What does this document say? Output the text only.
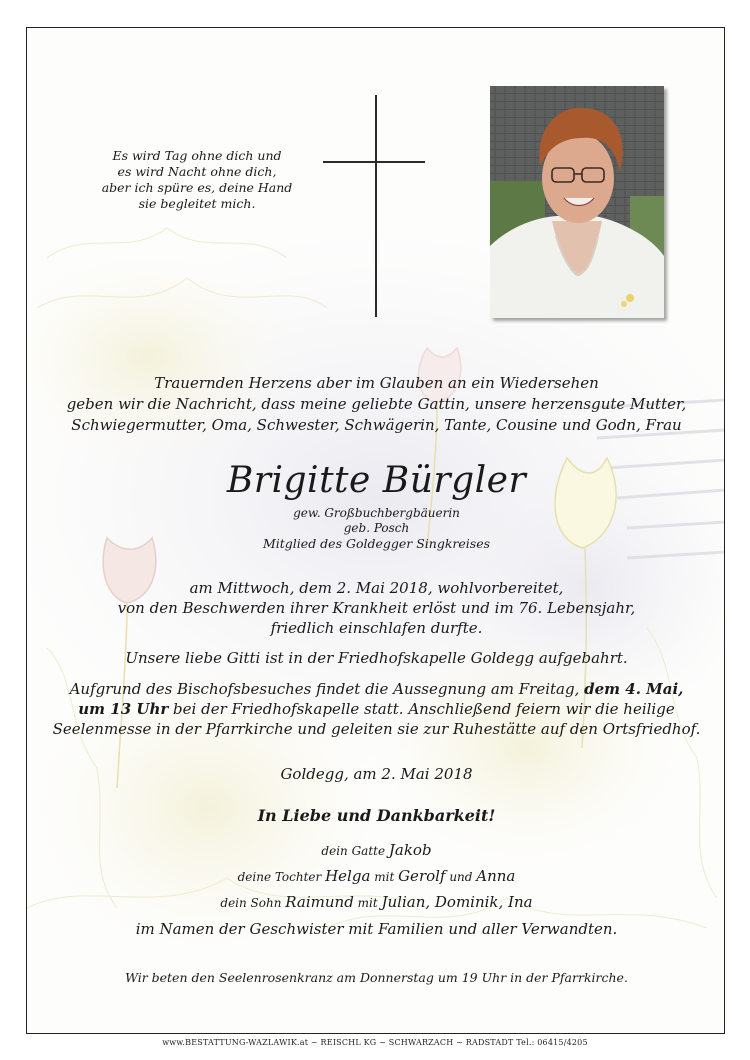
Es wird Tag ohne dich und
es wird Nacht ohne dich,
aber ich spüre es, deine Hand
sie begleitet mich.
Trauernden Herzens aber im Glauben an ein Wiedersehen
geben wir die Nachricht, dass meine geliebte Gattin, unsere herzensgute Mutter,
Schwiegermutter, Oma, Schwester, Schwägerin, Tante, Cousine und Godn, Frau
Brigitte Bürgler
gew. Großbuchbergbäuerin
geb. Posch
Mitglied des Goldegger Singkreises
am Mittwoch, dem 2. Mai 2018, wohlvorbereitet,
von den Beschwerden ihrer Krankheit erlöst und im 76. Lebensjahr,
friedlich einschlafen durfte.
Unsere liebe Gitti ist in der Friedhofskapelle Goldegg aufgebahrt.
Aufgrund des Bischofsbesuches findet die Aussegnung am Freitag, dem 4. Mai,
um 13 Uhr bei der Friedhofskapelle statt. Anschließend feiern wir die heilige
Seelenmesse in der Pfarrkirche und geleiten sie zur Ruhestätte auf den Ortsfriedhof.
Goldegg, am 2. Mai 2018
In Liebe und Dankbarkeit!
dein Gatte Jakob
deine Tochter Helga mit Gerolf und Anna
dein Sohn Raimund mit Julian, Dominik, Ina
im Namen der Geschwister mit Familien und aller Verwandten.
Wir beten den Seelenrosenkranz am Donnerstag um 19 Uhr in der Pfarrkirche.
www.BESTATTUNG-WAZLAWIK.at ~ REISCHL KG ~ SCHWARZACH ~ RADSTADT Tel.: 06415/4205
